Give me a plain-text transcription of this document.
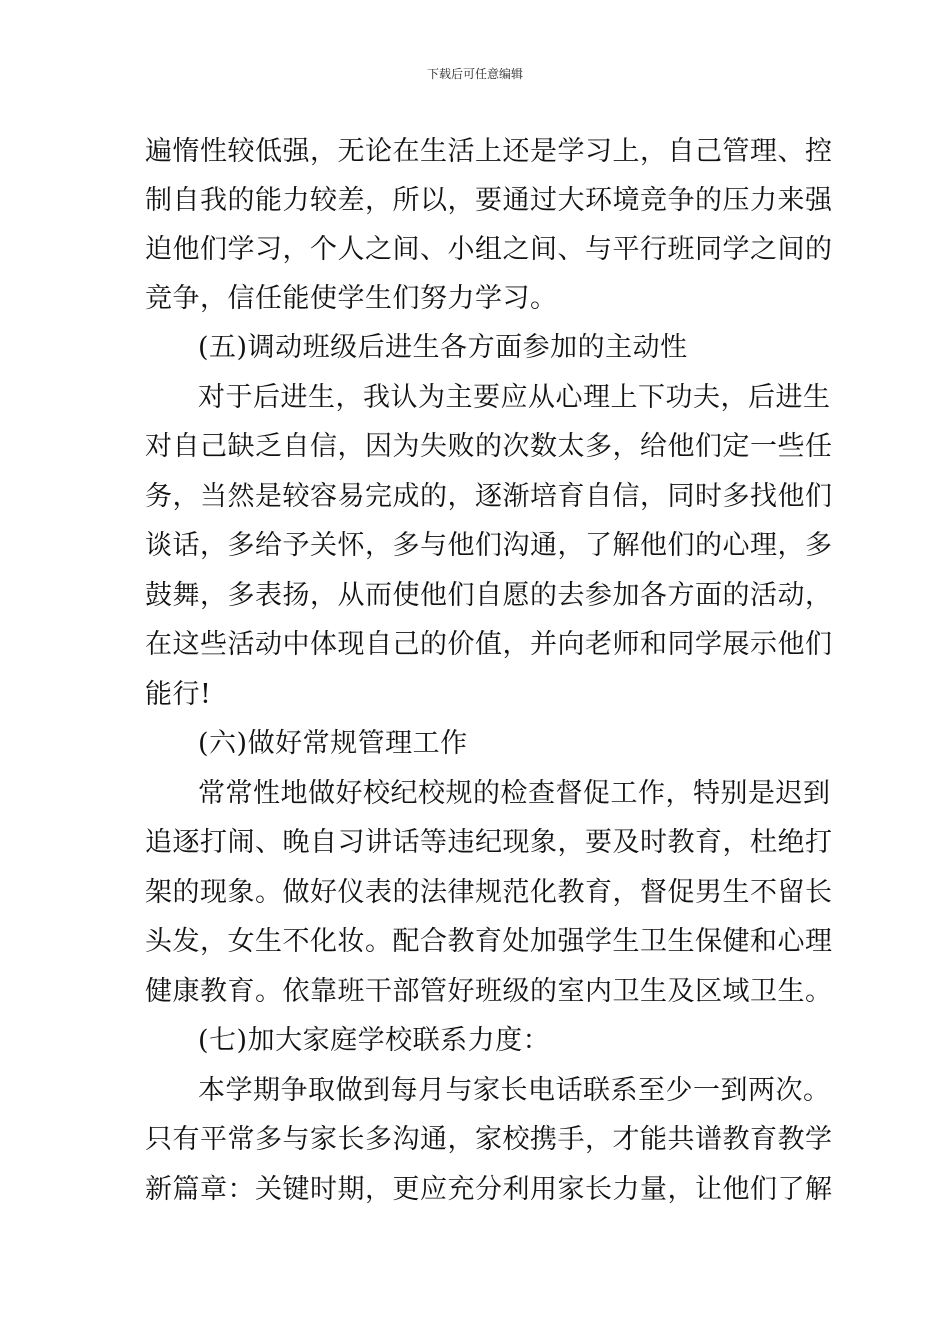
下载后可任意编辑
遍惰性较低强，无论在生活上还是学习上，自己管理、控
制自我的能力较差，所以，要通过大环境竞争的压力来强
迫他们学习，个人之间、小组之间、与平行班同学之间的
竞争，信任能使学生们努力学习。
(五)调动班级后进生各方面参加的主动性
对于后进生，我认为主要应从心理上下功夫，后进生
对自己缺乏自信，因为失败的次数太多，给他们定一些任
务，当然是较容易完成的，逐渐培育自信，同时多找他们
谈话，多给予关怀，多与他们沟通，了解他们的心理，多
鼓舞，多表扬，从而使他们自愿的去参加各方面的活动，
在这些活动中体现自己的价值，并向老师和同学展示他们
能行!
(六)做好常规管理工作
常常性地做好校纪校规的检查督促工作，特别是迟到
追逐打闹、晚自习讲话等违纪现象，要及时教育，杜绝打
架的现象。做好仪表的法律规范化教育，督促男生不留长
头发，女生不化妆。配合教育处加强学生卫生保健和心理
健康教育。依靠班干部管好班级的室内卫生及区域卫生。
(七)加大家庭学校联系力度：
本学期争取做到每月与家长电话联系至少一到两次。
只有平常多与家长多沟通，家校携手，才能共谱教育教学
新篇章：关键时期，更应充分利用家长力量，让他们了解
